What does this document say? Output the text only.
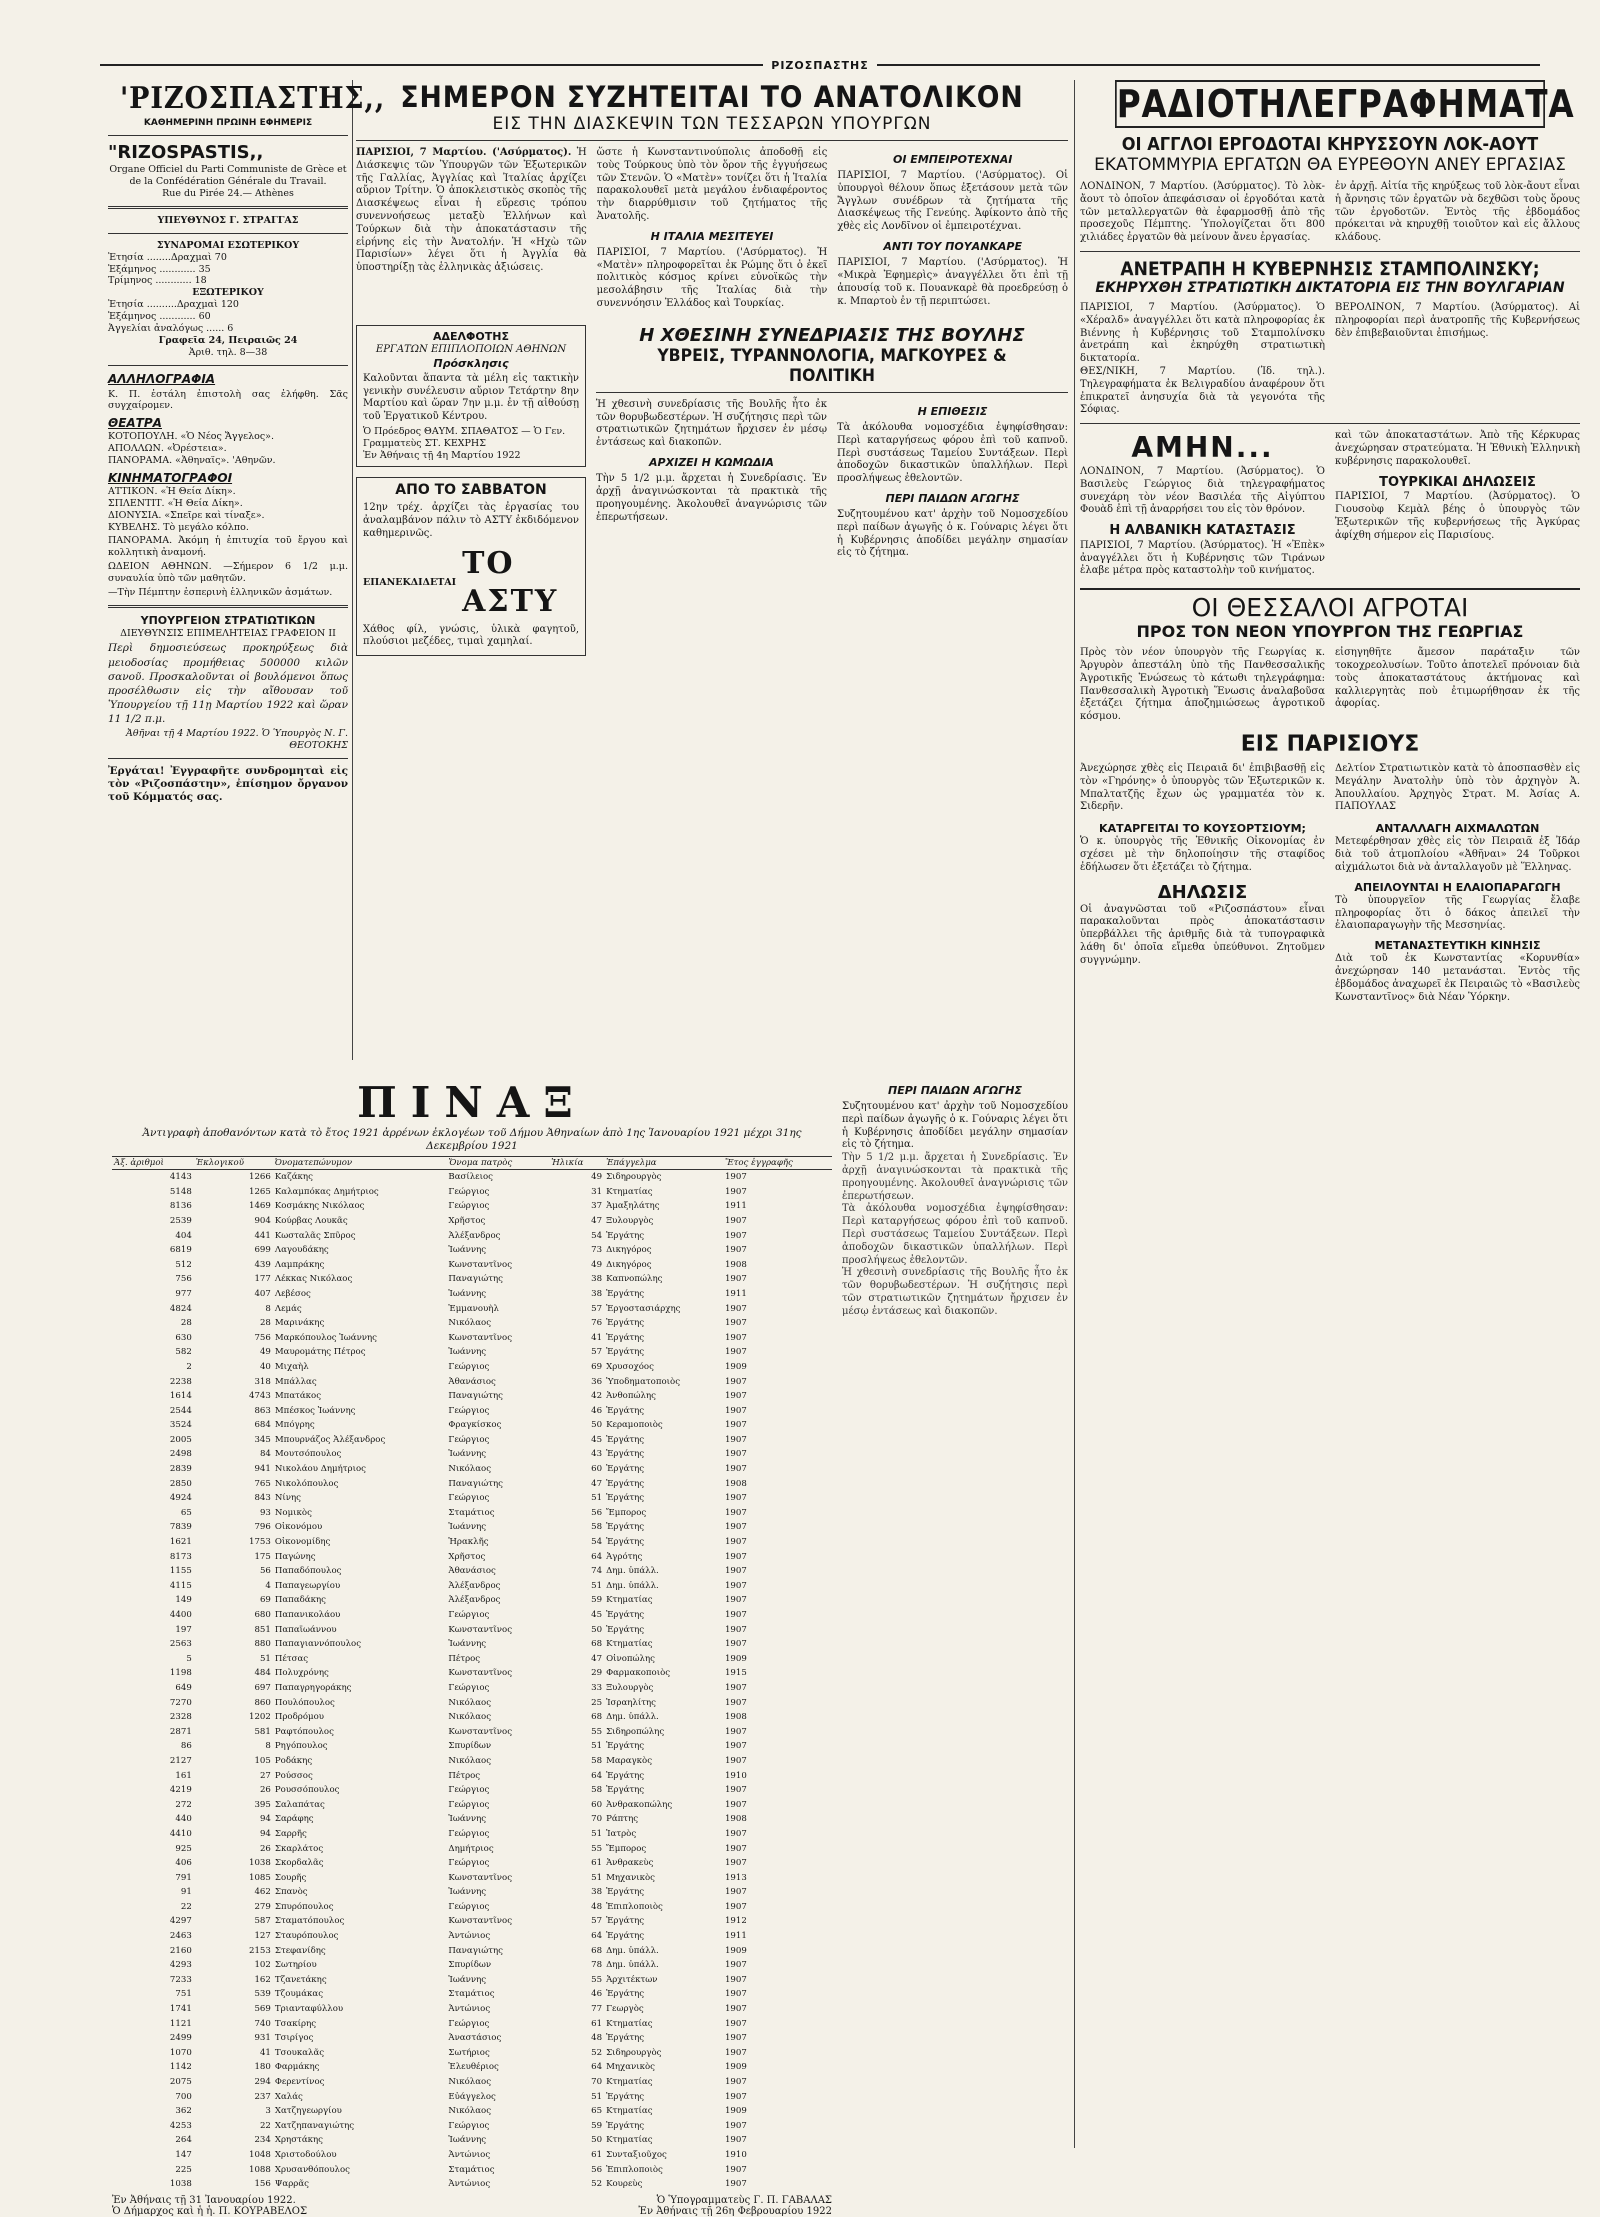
$^{PIZO\Sigma\Pi A\Sigma TH\Sigma}$
'ΡΙΖΟΣΠΑΣΤΗΣ,,
ΚΑΘΗΜΕΡΙΝΗ ΠΡΩΙΝΗ ΕΦΗΜΕΡΙΣ
"RIZOSPASTIS,,
Organe Officiel du Parti Communiste de Grèce et de la Confédération Générale du Travail.
Rue du Pirée 24.— Athènes
ΥΠΕΥΘΥΝΟΣ Γ. ΣΤΡΑΓΓΑΣ
ΣΥΝΔΡΟΜΑΙ ΕΣΩΤΕΡΙΚΟΥ
Ἐτησία ........Δραχμαὶ 70
Ἑξάμηνος ............ 35
Τρίμηνος ............ 18
ΕΞΩΤΕΡΙΚΟΥ
Ἐτησία ..........Δραχμαὶ 120
Ἑξάμηνος ............ 60
Ἀγγελίαι ἀναλόγως ...... 6
Γραφεῖα 24, Πειραιῶς 24
Ἀριθ. τηλ. 8—38
ΑΛΛΗΛΟΓΡΑΦΙΑ
Κ. Π. ἐστάλη ἐπιστολὴ σας ἐλήφθη. Σᾶς συγχαίρομεν.
ΘΕΑΤΡΑ
ΚΟΤΟΠΟΥΛΗ. «Ὁ Νέος Ἄγγελος».
ΑΠΟΛΛΩΝ. «Ὀρέστεια».
ΠΑΝΟΡΑΜΑ. «Ἀθηναϊς». 'Αθηνῶν.
ΚΙΝΗΜΑΤΟΓΡΑΦΟΙ
ΑΤΤΙΚΟΝ. «Ἡ Θεία Δίκη».
ΣΠΛΕΝΤΙΤ. «Ἡ Θεία Δίκη».
ΔΙΟΝΥΣΙΑ. «Σπεῖρε καὶ τίναξε».
ΚΥΒΕΛΗΣ. Τὸ μεγάλο κόλπο.
ΠΑΝΟΡΑΜΑ. Ἀκόμη ἡ ἐπιτυχία τοῦ ἔργου καὶ κολλητικὴ ἀναμονή.
ΩΔΕΙΟΝ ΑΘΗΝΩΝ. —Σήμερον 6 1/2 μ.μ. συναυλία ὑπὸ τῶν μαθητῶν.
—Τὴν Πέμπτην ἑσπερινὴ ἑλληνικῶν ἀσμάτων.
ΥΠΟΥΡΓΕΙΟΝ ΣΤΡΑΤΙΩΤΙΚΩΝ
ΔΙΕΥΘΥΝΣΙΣ ΕΠΙΜΕΛΗΤΕΙΑΣ ΓΡΑΦΕΙΟΝ ΙΙ
Περὶ δημοσιεύσεως προκηρύξεως διὰ μειοδοσίας προμήθειας 500000 κιλῶν σανοῦ. Προσκαλοῦνται οἱ βουλόμενοι ὅπως προσέλθωσιν εἰς τὴν αἴθουσαν τοῦ Ὑπουργείου τῇ 11ῃ Μαρτίου 1922 καὶ ὥραν 11 1/2 π.μ.
Ἀθῆναι τῇ 4 Μαρτίου 1922. Ὁ Ὑπουργὸς Ν. Γ. ΘΕΟΤΟΚΗΣ
Ἐργάται! Ἐγγραφῆτε συνδρομηταὶ εἰς τὸν «Ριζοσπάστην», ἐπίσημον ὄργανον τοῦ Κόμματός σας.
ΣΗΜΕΡΟΝ ΣΥΖΗΤΕΙΤΑΙ ΤΟ ΑΝΑΤΟΛΙΚΟΝ
ΕΙΣ ΤΗΝ ΔΙΑΣΚΕΨΙΝ ΤΩΝ ΤΕΣΣΑΡΩΝ ΥΠΟΥΡΓΩΝ
ΠΑΡΙΣΙΟΙ, 7 Μαρτίου. ('Ασύρματος). Ἡ Διάσκεψις τῶν Ὑπουργῶν τῶν Ἐξωτερικῶν τῆς Γαλλίας, Ἀγγλίας καὶ Ἰταλίας ἀρχίζει αὔριον Τρίτην. Ὁ ἀποκλειστικὸς σκοπὸς τῆς Διασκέψεως εἶναι ἡ εὕρεσις τρόπου συνεννοήσεως μεταξὺ Ἑλλήνων καὶ Τούρκων διὰ τὴν ἀποκατάστασιν τῆς εἰρήνης εἰς τὴν Ἀνατολήν. Ἡ «Ηχὼ τῶν Παρισίων» λέγει ὅτι ἡ Ἀγγλία θὰ ὑποστηρίξῃ τὰς ἑλληνικὰς ἀξιώσεις.
ὥστε ἡ Κωνσταντινούπολις ἀποδοθῇ εἰς τοὺς Τούρκους ὑπὸ τὸν ὅρον τῆς ἐγγυήσεως τῶν Στενῶν. Ὁ «Ματὲν» τονίζει ὅτι ἡ Ἰταλία παρακολουθεῖ μετὰ μεγάλου ἐνδιαφέροντος τὴν διαρρύθμισιν τοῦ ζητήματος τῆς Ἀνατολῆς.
Η ΙΤΑΛΙΑ ΜΕΣΙΤΕΥΕΙ
ΠΑΡΙΣΙΟΙ, 7 Μαρτίου. ('Ασύρματος). Ἡ «Ματὲν» πληροφορεῖται ἐκ Ρώμης ὅτι ὁ ἐκεῖ πολιτικὸς κόσμος κρίνει εὐνοϊκῶς τὴν μεσολάβησιν τῆς Ἰταλίας διὰ τὴν συνεννόησιν Ἑλλάδος καὶ Τουρκίας.
ΟΙ ΕΜΠΕΙΡΟΤΕΧΝΑΙ
ΠΑΡΙΣΙΟΙ, 7 Μαρτίου. ('Ασύρματος). Οἱ ὑπουργοὶ θέλουν ὅπως ἐξετάσουν μετὰ τῶν Ἄγγλων συνέδρων τὰ ζητήματα τῆς Διασκέψεως τῆς Γενεύης. Ἀφίκοντο ἀπὸ τῆς χθὲς εἰς Λονδῖνον οἱ ἐμπειροτέχναι.
ΑΝΤΙ ΤΟΥ ΠΟΥΑΝΚΑΡΕ
ΠΑΡΙΣΙΟΙ, 7 Μαρτίου. ('Ασύρματος). Ἡ «Μικρὰ Ἐφημερὶς» ἀναγγέλλει ὅτι ἐπὶ τῇ ἀπουσίᾳ τοῦ κ. Πουανκαρὲ θὰ προεδρεύσῃ ὁ κ. Μπαρτοὺ ἐν τῇ περιπτώσει.
ΑΔΕΛΦΟΤΗΣ
ΕΡΓΑΤΩΝ ΕΠΙΠΛΟΠΟΙΩΝ ΑΘΗΝΩΝ
Πρόσκλησις
Καλοῦνται ἅπαντα τὰ μέλη εἰς τακτικὴν γενικὴν συνέλευσιν αὔριον Τετάρτην 8ην Μαρτίου καὶ ὥραν 7ην μ.μ. ἐν τῇ αἰθούσῃ τοῦ Ἐργατικοῦ Κέντρου.
Ὁ Πρόεδρος ΘΑΥΜ. ΣΠΑΘΑΤΟΣ — Ὁ Γεν. Γραμματεὺς ΣΤ. ΚΕΧΡΗΣ
Ἐν Ἀθήναις τῇ 4η Μαρτίου 1922
ΑΠΟ ΤΟ ΣΑΒΒΑΤΟΝ
12ην τρέχ. ἀρχίζει τὰς ἐργασίας του ἀναλαμβάνον πάλιν τὸ ΑΣΤΥ ἐκδιδόμενον καθημερινῶς.
ΕΠΑΝΕΚΔΙΔΕΤΑΙ
ΤΟ ΑΣΤΥ
Χάθος φίλ, γνώσις, ὑλικὰ φαγητοῦ, πλούσιοι μεζέδες, τιμαὶ χαμηλαί.
Η ΧΘΕΣΙΝΗ ΣΥΝΕΔΡΙΑΣΙΣ ΤΗΣ ΒΟΥΛΗΣ
ΥΒΡΕΙΣ, ΤΥΡΑΝΝΟΛΟΓΙΑ, ΜΑΓΚΟΥΡΕΣ & ΠΟΛΙΤΙΚΗ
Ἡ χθεσινὴ συνεδρίασις τῆς Βουλῆς ἦτο ἐκ τῶν θορυβωδεστέρων. Ἡ συζήτησις περὶ τῶν στρατιωτικῶν ζητημάτων ἤρχισεν ἐν μέσῳ ἐντάσεως καὶ διακοπῶν.
ΑΡΧΙΖΕΙ Η ΚΩΜΩΔΙΑ
Τὴν 5 1/2 μ.μ. ἄρχεται ἡ Συνεδρίασις. Ἐν ἀρχῇ ἀναγινώσκονται τὰ πρακτικὰ τῆς προηγουμένης. Ἀκολουθεῖ ἀναγνώρισις τῶν ἐπερωτήσεων.
Η ΕΠΙΘΕΣΙΣ
Τὰ ἀκόλουθα νομοσχέδια ἐψηφίσθησαν: Περὶ καταργήσεως φόρου ἐπὶ τοῦ καπνοῦ. Περὶ συστάσεως Ταμείου Συντάξεων. Περὶ ἀποδοχῶν δικαστικῶν ὑπαλλήλων. Περὶ προσλήψεως ἐθελοντῶν.
ΠΕΡΙ ΠΑΙΔΩΝ ΑΓΩΓΗΣ
Συζητουμένου κατ' ἀρχὴν τοῦ Νομοσχεδίου περὶ παίδων ἀγωγῆς ὁ κ. Γούναρις λέγει ὅτι ἡ Κυβέρνησις ἀποδίδει μεγάλην σημασίαν εἰς τὸ ζήτημα.
ΠΙΝΑΞ
Ἀντιγραφὴ ἀποθανόντων κατὰ τὸ ἔτος 1921 ἀρρένων ἐκλογέων τοῦ Δήμου Ἀθηναίων ἀπὸ 1ης Ἰανουαρίου 1921 μέχρι 31ης Δεκεμβρίου 1921
Ἀξ. ἀριθμοὶ	Ἐκλογικοῦ	Ὀνοματεπώνυμον	Ὄνομα πατρὸς	Ἡλικία	Ἐπάγγελμα	Ἔτος ἐγγραφῆς
4143	1266	Καζάκης	Βασίλειος	49	Σιδηρουργὸς	1907
5148	1265	Καλαμπόκας Δημήτριος	Γεώργιος	31	Κτηματίας	1907
8136	1469	Κοσμάκης Νικόλαος	Γεώργιος	37	Ἀμαξηλάτης	1911
2539	904	Κούρβας Λουκᾶς	Χρῆστος	47	Ξυλουργὸς	1907
404	441	Κωσταλᾶς Σπῦρος	Ἀλέξανδρος	54	Ἐργάτης	1907
6819	699	Λαγουδάκης	Ἰωάννης	73	Δικηγόρος	1907
512	439	Λαμπράκης	Κωνσταντῖνος	49	Δικηγόρος	1908
756	177	Λέκκας Νικόλαος	Παναγιώτης	38	Καπνοπώλης	1907
977	407	Λεβέσος	Ἰωάννης	38	Ἐργάτης	1911
4824	8	Λεμάς	Ἐμμανουὴλ	57	Ἐργοστασιάρχης	1907
28	28	Μαρινάκης	Νικόλαος	76	Ἐργάτης	1907
630	756	Μαρκόπουλος Ἰωάννης	Κωνσταντῖνος	41	Ἐργάτης	1907
582	49	Μαυρομάτης Πέτρος	Ἰωάννης	57	Ἐργάτης	1907
2	40	Μιχαὴλ	Γεώργιος	69	Χρυσοχόος	1909
2238	318	Μπάλλας	Ἀθανάσιος	36	Ὑποδηματοποιὸς	1907
1614	4743	Μπατάκος	Παναγιώτης	42	Ἀνθοπώλης	1907
2544	863	Μπέσκος Ἰωάννης	Γεώργιος	46	Ἐργάτης	1907
3524	684	Μπόγρης	Φραγκίσκος	50	Κεραμοποιὸς	1907
2005	345	Μπουρνάζος Ἀλέξανδρος	Γεώργιος	45	Ἐργάτης	1907
2498	84	Μουτσόπουλος	Ἰωάννης	43	Ἐργάτης	1907
2839	941	Νικολάου Δημήτριος	Νικόλαος	60	Ἐργάτης	1907
2850	765	Νικολόπουλος	Παναγιώτης	47	Ἐργάτης	1908
4924	843	Νίνης	Γεώργιος	51	Ἐργάτης	1907
65	93	Νομικὸς	Σταμάτιος	56	Ἔμπορος	1907
7839	796	Οἰκονόμου	Ἰωάννης	58	Ἐργάτης	1907
1621	1753	Οἰκονομίδης	Ἡρακλῆς	54	Ἐργάτης	1907
8173	175	Παγώνης	Χρῆστος	64	Ἀγρότης	1907
1155	56	Παπαδόπουλος	Ἀθανάσιος	74	Δημ. ὑπάλλ.	1907
4115	4	Παπαγεωργίου	Ἀλέξανδρος	51	Δημ. ὑπάλλ.	1907
149	69	Παπαδάκης	Ἀλέξανδρος	59	Κτηματίας	1907
4400	680	Παπανικολάου	Γεώργιος	45	Ἐργάτης	1907
197	851	Παπαϊωάννου	Κωνσταντῖνος	50	Ἐργάτης	1907
2563	880	Παπαγιαννόπουλος	Ἰωάννης	68	Κτηματίας	1907
5	51	Πέτσας	Πέτρος	47	Οἰνοπώλης	1909
1198	484	Πολυχρόνης	Κωνσταντῖνος	29	Φαρμακοποιὸς	1915
649	697	Παπαγρηγοράκης	Γεώργιος	33	Ξυλουργὸς	1907
7270	860	Πουλόπουλος	Νικόλαος	25	Ἰσραηλίτης	1907
2328	1202	Προδρόμου	Νικόλαος	68	Δημ. ὑπάλλ.	1908
2871	581	Ραφτόπουλος	Κωνσταντῖνος	55	Σιδηροπώλης	1907
86	8	Ρηγόπουλος	Σπυρίδων	51	Ἐργάτης	1907
2127	105	Ροδάκης	Νικόλαος	58	Μαραγκὸς	1907
161	27	Ρούσσος	Πέτρος	64	Ἐργάτης	1910
4219	26	Ρουσσόπουλος	Γεώργιος	58	Ἐργάτης	1907
272	395	Σαλαπάτας	Γεώργιος	60	Ἀνθρακοπώλης	1907
440	94	Σαράφης	Ἰωάννης	70	Ράπτης	1908
4410	94	Σαρρῆς	Γεώργιος	51	Ἰατρὸς	1907
925	26	Σκαρλάτος	Δημήτριος	55	Ἔμπορος	1907
406	1038	Σκορδαλᾶς	Γεώργιος	61	Ἀνθρακεὺς	1907
791	1085	Σουρῆς	Κωνσταντῖνος	51	Μηχανικὸς	1913
91	462	Σπανὸς	Ἰωάννης	38	Ἐργάτης	1907
22	279	Σπυρόπουλος	Γεώργιος	48	Ἐπιπλοποιὸς	1907
4297	587	Σταματόπουλος	Κωνσταντῖνος	57	Ἐργάτης	1912
2463	127	Σταυρόπουλος	Ἀντώνιος	64	Ἐργάτης	1911
2160	2153	Στεφανίδης	Παναγιώτης	68	Δημ. ὑπάλλ.	1909
4293	102	Σωτηρίου	Σπυρίδων	78	Δημ. ὑπάλλ.	1907
7233	162	Τζανετάκης	Ἰωάννης	55	Ἀρχιτέκτων	1907
751	539	Τζουμάκας	Σταμάτιος	46	Ἐργάτης	1907
1741	569	Τριανταφύλλου	Ἀντώνιος	77	Γεωργὸς	1907
1121	740	Τσακίρης	Γεώργιος	61	Κτηματίας	1907
2499	931	Τσιρίγος	Ἀναστάσιος	48	Ἐργάτης	1907
1070	41	Τσουκαλᾶς	Σωτήριος	52	Σιδηρουργὸς	1907
1142	180	Φαρμάκης	Ἐλευθέριος	64	Μηχανικὸς	1909
2075	294	Φερεντίνος	Νικόλαος	70	Κτηματίας	1907
700	237	Χαλάς	Εὐάγγελος	51	Ἐργάτης	1907
362	3	Χατζηγεωργίου	Νικόλαος	65	Κτηματίας	1909
4253	22	Χατζηπαναγιώτης	Γεώργιος	59	Ἐργάτης	1907
264	234	Χρηστάκης	Ἰωάννης	50	Κτηματίας	1907
147	1048	Χριστοδούλου	Ἀντώνιος	61	Συνταξιοῦχος	1910
225	1088	Χρυσανθόπουλος	Σταμάτιος	56	Ἐπιπλοποιὸς	1907
1038	156	Ψαρρᾶς	Ἀντώνιος	52	Κουρεὺς	1907
Ἐν Ἀθήναις τῇ 31 Ἰανουαρίου 1922.
Ὁ Δήμαρχος καὶ ἡ ἡ. Π. ΚΟΥΡΑΒΕΛΟΣ
Ὁ Ὑπογραμματεὺς Γ. Π. ΓΑΒΑΛΑΣ
Ἐν Ἀθήναις τῇ 26η Φεβρουαρίου 1922
ΠΕΡΙ ΠΑΙΔΩΝ ΑΓΩΓΗΣ
Συζητουμένου κατ' ἀρχὴν τοῦ Νομοσχεδίου περὶ παίδων ἀγωγῆς ὁ κ. Γούναρις λέγει ὅτι ἡ Κυβέρνησις ἀποδίδει μεγάλην σημασίαν εἰς τὸ ζήτημα.
Τὴν 5 1/2 μ.μ. ἄρχεται ἡ Συνεδρίασις. Ἐν ἀρχῇ ἀναγινώσκονται τὰ πρακτικὰ τῆς προηγουμένης. Ἀκολουθεῖ ἀναγνώρισις τῶν ἐπερωτήσεων.
Τὰ ἀκόλουθα νομοσχέδια ἐψηφίσθησαν: Περὶ καταργήσεως φόρου ἐπὶ τοῦ καπνοῦ. Περὶ συστάσεως Ταμείου Συντάξεων. Περὶ ἀποδοχῶν δικαστικῶν ὑπαλλήλων. Περὶ προσλήψεως ἐθελοντῶν.
Ἡ χθεσινὴ συνεδρίασις τῆς Βουλῆς ἦτο ἐκ τῶν θορυβωδεστέρων. Ἡ συζήτησις περὶ τῶν στρατιωτικῶν ζητημάτων ἤρχισεν ἐν μέσῳ ἐντάσεως καὶ διακοπῶν.
ΡΑΔΙΟΤΗΛΕΓΡΑΦΗΜΑΤΑ
ΟΙ ΑΓΓΛΟΙ ΕΡΓΟΔΟΤΑΙ ΚΗΡΥΣΣΟΥΝ ΛΟΚ-ΑΟΥΤ
ΕΚΑΤΟΜΜΥΡΙΑ ΕΡΓΑΤΩΝ ΘΑ ΕΥΡΕΘΟΥΝ ΑΝΕΥ ΕΡΓΑΣΙΑΣ
ΛΟΝΔΙΝΟΝ, 7 Μαρτίου. (Ἀσύρματος). Τὸ λὸκ-ἄουτ τὸ ὁποῖον ἀπεφάσισαν οἱ ἐργοδόται κατὰ τῶν μεταλλεργατῶν θὰ ἐφαρμοσθῇ ἀπὸ τῆς προσεχοῦς Πέμπτης. Ὑπολογίζεται ὅτι 800 χιλιάδες ἐργατῶν θὰ μείνουν ἄνευ ἐργασίας.
ἐν ἀρχῇ. Αἰτία τῆς κηρύξεως τοῦ λὸκ-ἄουτ εἶναι ἡ ἄρνησις τῶν ἐργατῶν νὰ δεχθῶσι τοὺς ὅρους τῶν ἐργοδοτῶν. Ἐντὸς τῆς ἑβδομάδος πρόκειται νὰ κηρυχθῇ τοιοῦτον καὶ εἰς ἄλλους κλάδους.
ΑΝΕΤΡΑΠΗ Η ΚΥΒΕΡΝΗΣΙΣ ΣΤΑΜΠΟΛΙΝΣΚΥ;
ΕΚΗΡΥΧΘΗ ΣΤΡΑΤΙΩΤΙΚΗ ΔΙΚΤΑΤΟΡΙΑ ΕΙΣ ΤΗΝ ΒΟΥΛΓΑΡΙΑΝ
ΠΑΡΙΣΙΟΙ, 7 Μαρτίου. (Ἀσύρματος). Ὁ «Χέραλδ» ἀναγγέλλει ὅτι κατὰ πληροφορίας ἐκ Βιέννης ἡ Κυβέρνησις τοῦ Σταμπολίνσκυ ἀνετράπη καὶ ἐκηρύχθη στρατιωτικὴ δικτατορία.
ΘΕΣ/ΝΙΚΗ, 7 Μαρτίου. (Ἰδ. τηλ.). Τηλεγραφήματα ἐκ Βελιγραδίου ἀναφέρουν ὅτι ἐπικρατεῖ ἀνησυχία διὰ τὰ γεγονότα τῆς Σόφιας.
ΒΕΡΟΛΙΝΟΝ, 7 Μαρτίου. (Ἀσύρματος). Αἱ πληροφορίαι περὶ ἀνατροπῆς τῆς Κυβερνήσεως δὲν ἐπιβεβαιοῦνται ἐπισήμως.
ΑΜΗΝ...
ΛΟΝΔΙΝΟΝ, 7 Μαρτίου. (Ἀσύρματος). Ὁ Βασιλεὺς Γεώργιος διὰ τηλεγραφήματος συνεχάρη τὸν νέον Βασιλέα τῆς Αἰγύπτου Φουὰδ ἐπὶ τῇ ἀναρρήσει του εἰς τὸν θρόνον.
Η ΑΛΒΑΝΙΚΗ ΚΑΤΑΣΤΑΣΙΣ
ΠΑΡΙΣΙΟΙ, 7 Μαρτίου. (Ἀσύρματος). Ἡ «Ἐπὲκ» ἀναγγέλλει ὅτι ἡ Κυβέρνησις τῶν Τιράνων ἐλαβε μέτρα πρὸς καταστολὴν τοῦ κινήματος.
καὶ τῶν ἀποκαταστάτων. Ἀπὸ τῆς Κέρκυρας ἀνεχώρησαν στρατεύματα. Ἡ Ἐθνικὴ Ἑλληνικὴ κυβέρνησις παρακολουθεῖ.
ΤΟΥΡΚΙΚΑΙ ΔΗΛΩΣΕΙΣ
ΠΑΡΙΣΙΟΙ, 7 Μαρτίου. (Ἀσύρματος). Ὁ Γιουσοὺφ Κεμὰλ βέης ὁ ὑπουργὸς τῶν Ἐξωτερικῶν τῆς κυβερνήσεως τῆς Ἀγκύρας ἀφίχθη σήμερον εἰς Παρισίους.
ΟΙ ΘΕΣΣΑΛΟΙ ΑΓΡΟΤΑΙ
ΠΡΟΣ ΤΟΝ ΝΕΟΝ ΥΠΟΥΡΓΟΝ ΤΗΣ ΓΕΩΡΓΙΑΣ
Πρὸς τὸν νέον ὑπουργὸν τῆς Γεωργίας κ. Ἀργυρὸν ἀπεστάλη ὑπὸ τῆς Πανθεσσαλικῆς Ἀγροτικῆς Ἑνώσεως τὸ κάτωθι τηλεγράφημα: Πανθεσσαλικὴ Ἀγροτικὴ Ἕνωσις ἀναλαβοῦσα ἐξετάζει ζήτημα ἀποζημιώσεως ἀγροτικοῦ κόσμου.
εἰσηγηθῆτε ἄμεσον παράταξιν τῶν τοκοχρεολυσίων. Τοῦτο ἀποτελεῖ πρόνοιαν διὰ τοὺς ἀποκαταστάτους ἀκτήμονας καὶ καλλιεργητὰς ποὺ ἐτιμωρήθησαν ἐκ τῆς ἀφορίας.
ΕΙΣ ΠΑΡΙΣΙΟΥΣ
Ἀνεχώρησε χθὲς εἰς Πειραιᾶ δι' ἐπιβιβασθῇ εἰς τὸν «Γηρόνης» ὁ ὑπουργὸς τῶν Ἐξωτερικῶν κ. Μπαλτατζῆς ἔχων ὡς γραμματέα τὸν κ. Σιδερῆν.
ΚΑΤΑΡΓΕΙΤΑΙ ΤΟ ΚΟΥΣΟΡΤΣΙΟΥΜ;
Ὁ κ. ὑπουργὸς τῆς Ἐθνικῆς Οἰκονομίας ἐν σχέσει μὲ τὴν δηλοποίησιν τῆς σταφίδος ἐδήλωσεν ὅτι ἐξετάζει τὸ ζήτημα.
ΔΗΛΩΣΙΣ
Οἱ ἀναγνῶσται τοῦ «Ριζοσπάστου» εἶναι παρακαλοῦνται πρὸς ἀποκατάστασιν ὑπερβάλλει τῆς ἀριθμῆς διὰ τὰ τυπογραφικὰ λάθη δι' ὁποῖα εἴμεθα ὑπεύθυνοι. Ζητοῦμεν συγγνώμην.
Δελτίον Στρατιωτικὸν κατὰ τὸ ἀποσπασθὲν εἰς Μεγάλην Ἀνατολὴν ὑπὸ τὸν ἀρχηγὸν Ἀ. Ἀπουλλαίου. Ἀρχηγὸς Στρατ. Μ. Ἀσίας Α. ΠΑΠΟΥΛΑΣ
ΑΝΤΑΛΛΑΓΗ ΑΙΧΜΑΛΩΤΩΝ
Μετεφέρθησαν χθὲς εἰς τὸν Πειραιᾶ ἐξ Ἰδάρ διὰ τοῦ ἀτμοπλοίου «Ἀθῆναι» 24 Τοῦρκοι αἰχμάλωτοι διὰ νὰ ἀνταλλαγοῦν μὲ Ἕλληνας.
ΑΠΕΙΛΟΥΝΤΑΙ Η ΕΛΑΙΟΠΑΡΑΓΩΓΗ
Τὸ ὑπουργεῖον τῆς Γεωργίας ἔλαβε πληροφορίας ὅτι ὁ δάκος ἀπειλεῖ τὴν ἐλαιοπαραγωγὴν τῆς Μεσσηνίας.
ΜΕΤΑΝΑΣΤΕΥΤΙΚΗ ΚΙΝΗΣΙΣ
Διὰ τοῦ ἐκ Κωνσταντίας «Κορυνθία» ἀνεχώρησαν 140 μετανάσται. Ἐντὸς τῆς ἑβδομάδος ἀναχωρεῖ ἐκ Πειραιῶς τὸ «Βασιλεὺς Κωνσταντῖνος» διὰ Νέαν Ὑόρκην.
